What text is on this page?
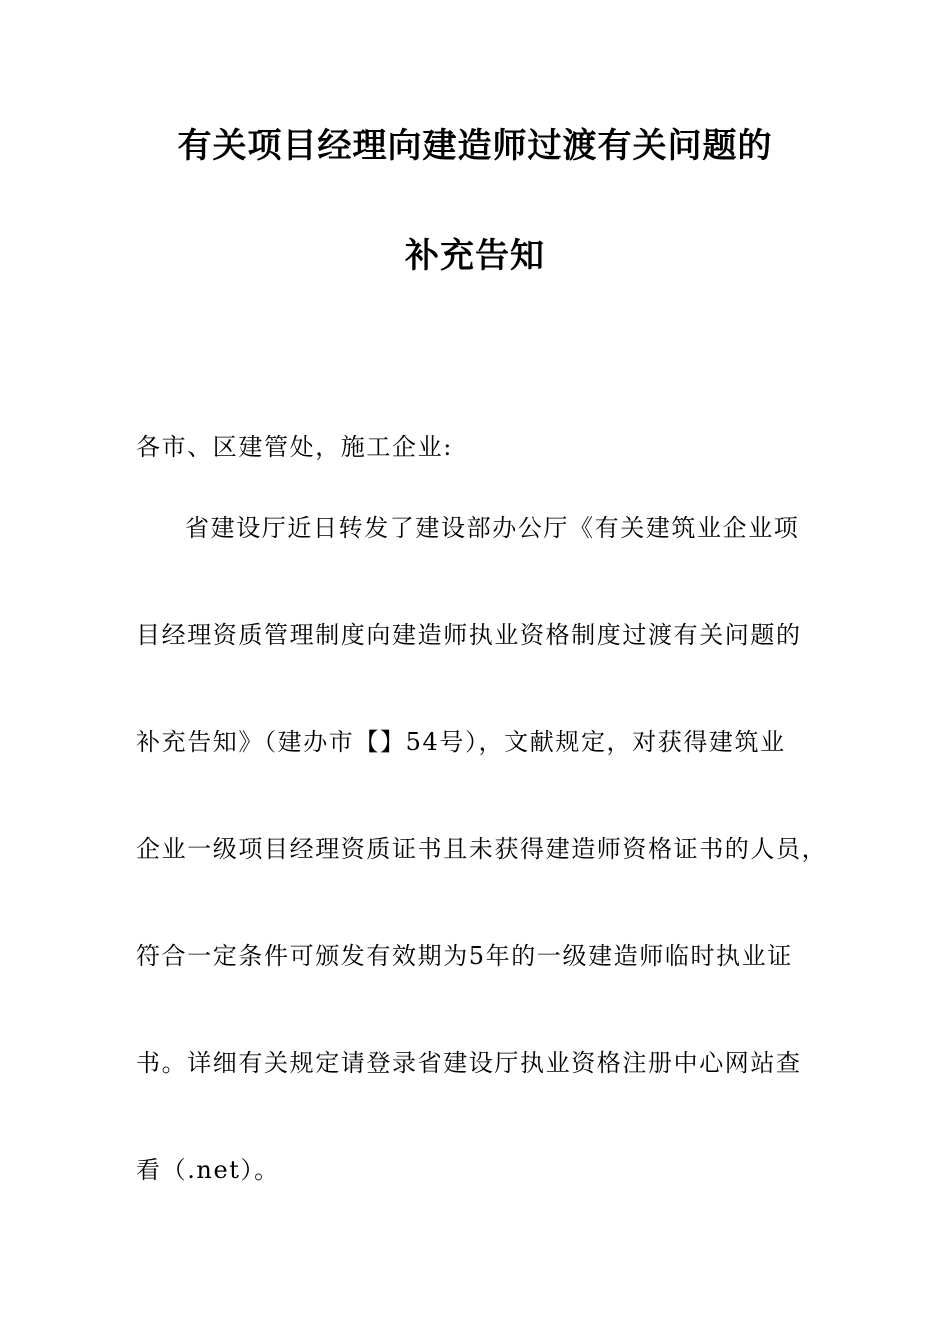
有关项目经理向建造师过渡有关问题的
补充告知
各市、区建管处，施工企业:
省建设厅近日转发了建设部办公厅《有关建筑业企业项
目经理资质管理制度向建造师执业资格制度过渡有关问题的
补充告知》（建办市【】54号），文献规定，对获得建筑业
企业一级项目经理资质证书且未获得建造师资格证书的人员，
符合一定条件可颁发有效期为5年的一级建造师临时执业证
书。详细有关规定请登录省建设厅执业资格注册中心网站查
看（.net）。
